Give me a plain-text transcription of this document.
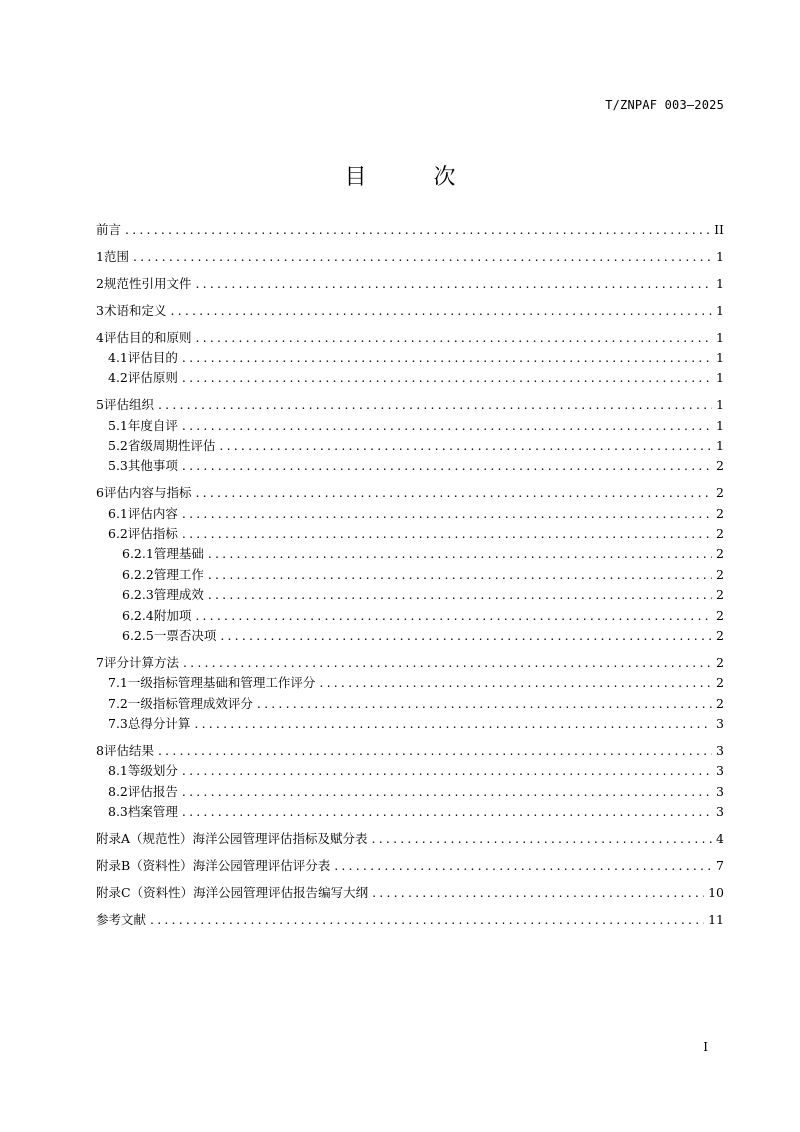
T/ZNPAF 003—2025
目 次
前言 .....	II
1 范围 .....	1
2 规范性引用文件 .....	1
3 术语和定义 .....	1
4 评估目的和原则 .....	1
4.1 评估目的 .....	1
4.2 评估原则 .....	1
5 评估组织 .....	1
5.1 年度自评 .....	1
5.2 省级周期性评估 .....	1
5.3 其他事项 .....	2
6 评估内容与指标 .....	2
6.1 评估内容 .....	2
6.2 评估指标 .....	2
6.2.1 管理基础 .....	2
6.2.2 管理工作 .....	2
6.2.3 管理成效 .....	2
6.2.4 附加项 .....	2
6.2.5 一票否决项 .....	2
7 评分计算方法 .....	2
7.1 一级指标管理基础和管理工作评分 .....	2
7.2 一级指标管理成效评分 .....	2
7.3 总得分计算 .....	3
8 评估结果 .....	3
8.1 等级划分 .....	3
8.2 评估报告 .....	3
8.3 档案管理 .....	3
附录A（规范性） 海洋公园管理评估指标及赋分表 .....	4
附录B（资料性） 海洋公园管理评估评分表 .....	7
附录C（资料性） 海洋公园管理评估报告编写大纲 .....	10
参考文献 .....	11
I
